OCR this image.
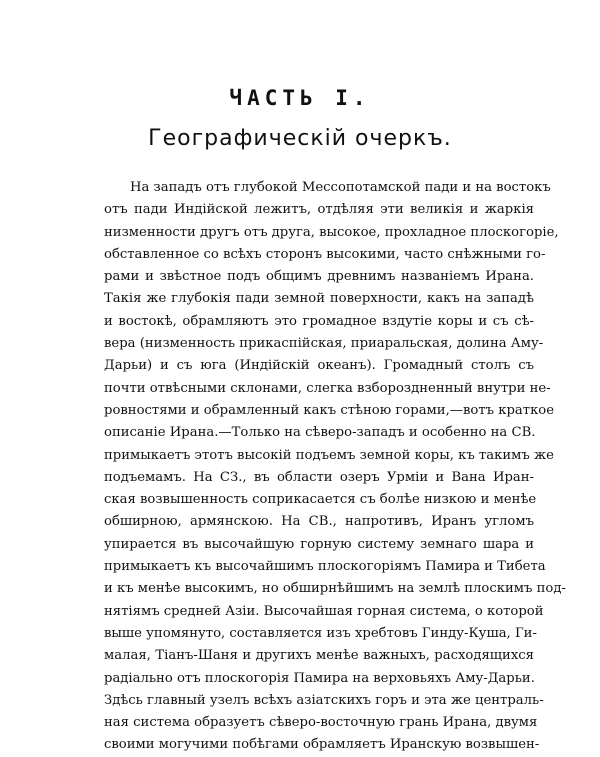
ЧАСТЬ I.
Географическій очеркъ.
На западъ отъ глубокой Мессопотамской пади и на востокъ
отъ пади Индійской лежитъ, отдѣляя эти великія и жаркія
низменности другъ отъ друга, высокое, прохладное плоскогоріе,
обставленное со всѣхъ сторонъ высокими, часто снѣжными го-
рами и звѣстное подъ общимъ древнимъ названіемъ Ирана.
Такія же глубокія пади земной поверхности, какъ на западѣ
и востокѣ, обрамляютъ это громадное вздутіе коры и съ сѣ-
вера (низменность прикаспійская, приаральская, долина Аму-
Дарьи) и съ юга (Индійскій океанъ). Громадный столъ съ
почти отвѣсными склонами, слегка взбороздненный внутри не-
ровностями и обрамленный какъ стѣною горами,—вотъ краткое
описаніе Ирана.—Только на сѣверо-западъ и особенно на СВ.
примыкаетъ этотъ высокій подъемъ земной коры, къ такимъ же
подъемамъ. На СЗ., въ области озеръ Урміи и Вана Иран-
ская возвышенность соприкасается съ болѣе низкою и менѣе
обширною, армянскою. На СВ., напротивъ, Иранъ угломъ
упирается въ высочайшую горную систему земнаго шара и
примыкаетъ къ высочайшимъ плоскогоріямъ Памира и Тибета
и къ менѣе высокимъ, но обширнѣйшимъ на землѣ плоскимъ под-
нятіямъ средней Азіи. Высочайшая горная система, о которой
выше упомянуто, составляется изъ хребтовъ Гинду-Куша, Ги-
малая, Тіанъ-Шаня и другихъ менѣе важныхъ, расходящихся
радіально отъ плоскогорія Памира на верховьяхъ Аму-Дарьи.
Здѣсь главный узелъ всѣхъ азіатскихъ горъ и эта же централь-
ная система образуетъ сѣверо-восточную грань Ирана, двумя
своими могучими побѣгами обрамляетъ Иранскую возвышен-
